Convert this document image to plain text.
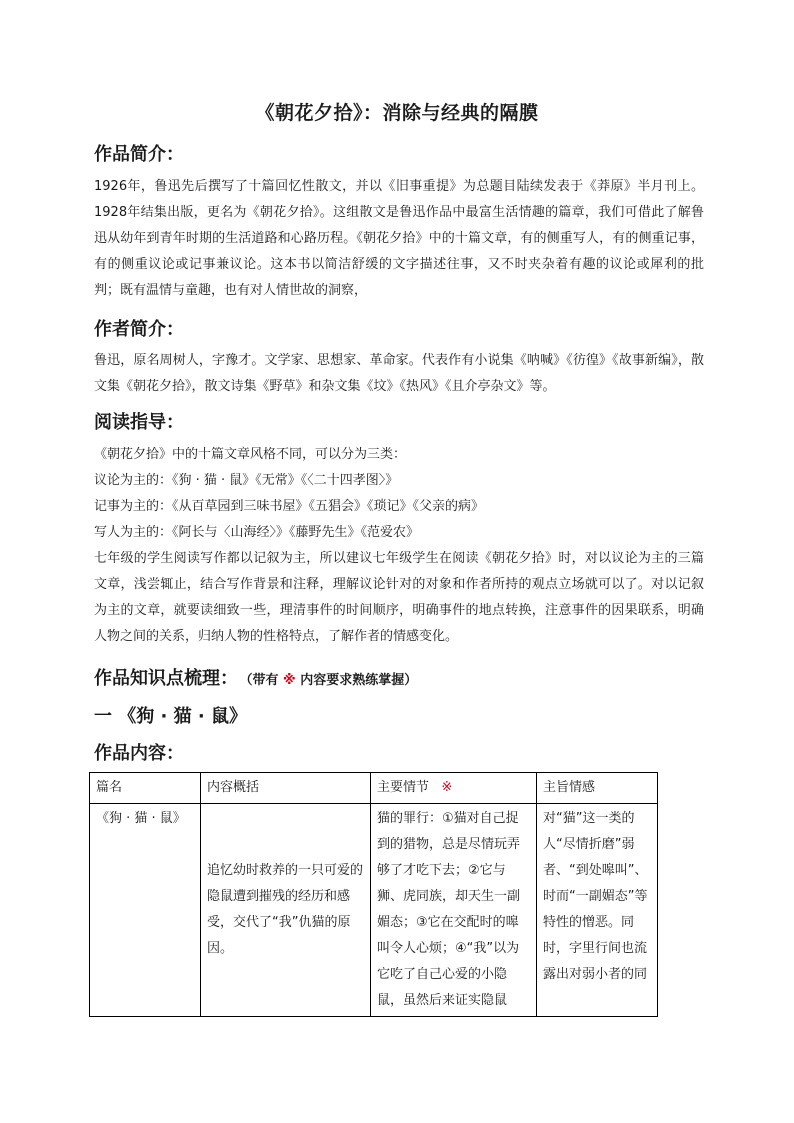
《朝花夕拾》：消除与经典的隔膜
作品简介：
1926年，鲁迅先后撰写了十篇回忆性散文，并以《旧事重提》为总题目陆续发表于《莽原》半月刊上。1928年结集出版，更名为《朝花夕拾》。这组散文是鲁迅作品中最富生活情趣的篇章，我们可借此了解鲁迅从幼年到青年时期的生活道路和心路历程。《朝花夕拾》中的十篇文章，有的侧重写人，有的侧重记事，有的侧重议论或记事兼议论。这本书以简洁舒缓的文字描述往事，又不时夹杂着有趣的议论或犀利的批判；既有温情与童趣，也有对人情世故的洞察，
作者简介：
鲁迅，原名周树人，字豫才。文学家、思想家、革命家。代表作有小说集《呐喊》《彷徨》《故事新编》，散文集《朝花夕拾》，散文诗集《野草》和杂文集《坟》《热风》《且介亭杂文》等。
阅读指导：
《朝花夕拾》中的十篇文章风格不同，可以分为三类：
议论为主的：《狗 · 猫 · 鼠》《无常》《〈二十四孝图〉》
记事为主的：《从百草园到三味书屋》《五猖会》《琐记》《父亲的病》
写人为主的：《阿长与〈山海经〉》《藤野先生》《范爱农》
七年级的学生阅读写作都以记叙为主，所以建议七年级学生在阅读《朝花夕拾》时，对以议论为主的三篇文章，浅尝辄止，结合写作背景和注释，理解议论针对的对象和作者所持的观点立场就可以了。对以记叙为主的文章，就要读细致一些，理清事件的时间顺序，明确事件的地点转换，注意事件的因果联系，明确人物之间的关系，归纳人物的性格特点，了解作者的情感变化。
作品知识点梳理： （带有 ※ 内容要求熟练掌握）
一 《狗 · 猫 · 鼠》
作品内容：
篇名	内容概括	主要情节 ※	主旨情感
《狗 · 猫 · 鼠》	追忆幼时救养的一只可爱的隐鼠遭到摧残的经历和感受，交代了“我”仇猫的原因。	猫的罪行：①猫对自己捉到的猎物，总是尽情玩弄够了才吃下去；②它与狮、虎同族，却天生一副媚态；③它在交配时的嗥叫令人心烦；④“我”以为它吃了自己心爱的小隐鼠，虽然后来证实隐鼠	对“猫”这一类的人“尽情折磨”弱者、“到处嗥叫”、时而“一副媚态”等特性的憎恶。同时，字里行间也流露出对弱小者的同
